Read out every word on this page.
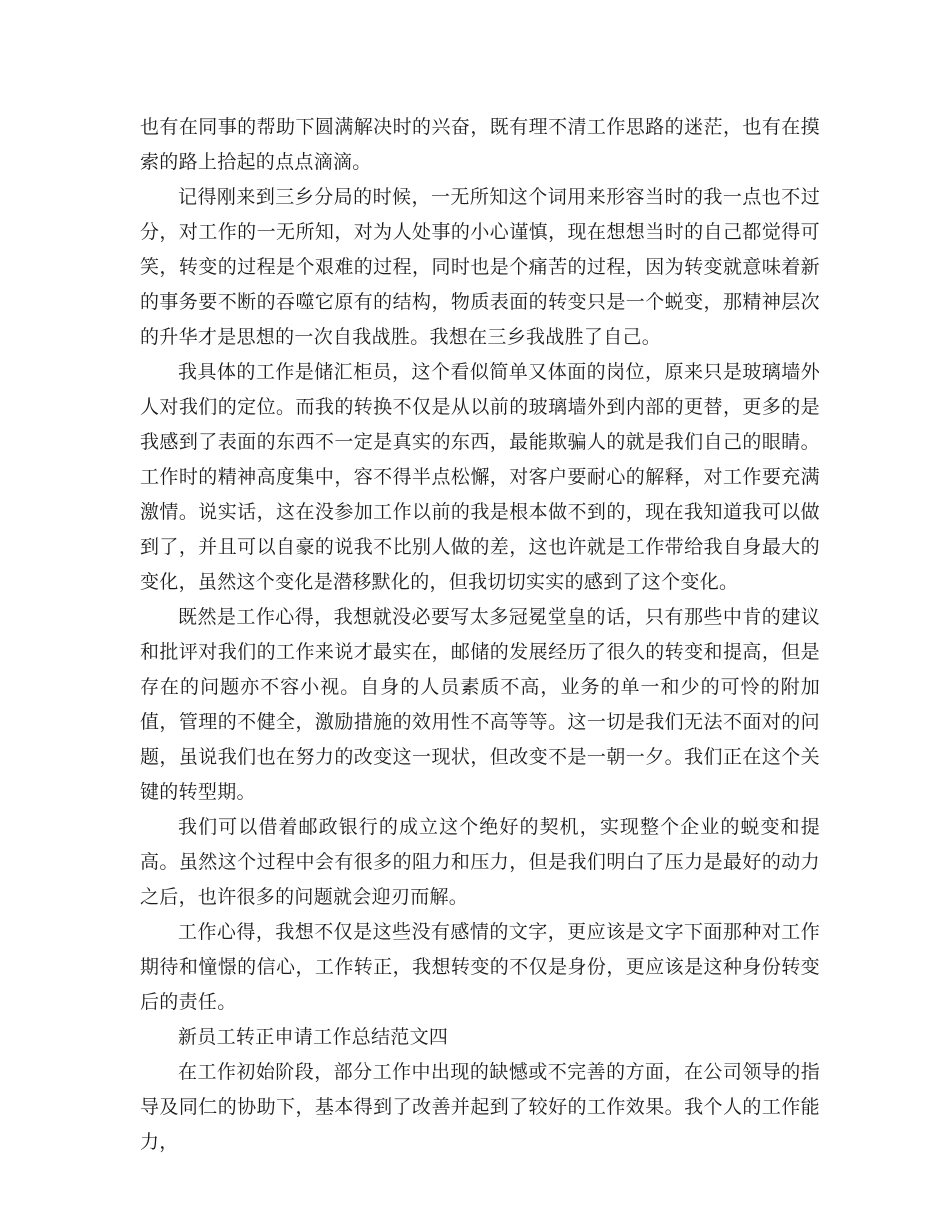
也有在同事的帮助下圆满解决时的兴奋，既有理不清工作思路的迷茫，也有在摸索的路上拾起的点点滴滴。

记得刚来到三乡分局的时候，一无所知这个词用来形容当时的我一点也不过分，对工作的一无所知，对为人处事的小心谨慎，现在想想当时的自己都觉得可笑，转变的过程是个艰难的过程，同时也是个痛苦的过程，因为转变就意味着新的事务要不断的吞噬它原有的结构，物质表面的转变只是一个蜕变，那精神层次的升华才是思想的一次自我战胜。我想在三乡我战胜了自己。

我具体的工作是储汇柜员，这个看似简单又体面的岗位，原来只是玻璃墙外人对我们的定位。而我的转换不仅是从以前的玻璃墙外到内部的更替，更多的是我感到了表面的东西不一定是真实的东西，最能欺骗人的就是我们自己的眼睛。工作时的精神高度集中，容不得半点松懈，对客户要耐心的解释，对工作要充满激情。说实话，这在没参加工作以前的我是根本做不到的，现在我知道我可以做到了，并且可以自豪的说我不比别人做的差，这也许就是工作带给我自身最大的变化，虽然这个变化是潜移默化的，但我切切实实的感到了这个变化。

既然是工作心得，我想就没必要写太多冠冕堂皇的话，只有那些中肯的建议和批评对我们的工作来说才最实在，邮储的发展经历了很久的转变和提高，但是存在的问题亦不容小视。自身的人员素质不高，业务的单一和少的可怜的附加值，管理的不健全，激励措施的效用性不高等等。这一切是我们无法不面对的问题，虽说我们也在努力的改变这一现状，但改变不是一朝一夕。我们正在这个关键的转型期。

我们可以借着邮政银行的成立这个绝好的契机，实现整个企业的蜕变和提高。虽然这个过程中会有很多的阻力和压力，但是我们明白了压力是最好的动力之后，也许很多的问题就会迎刃而解。

工作心得，我想不仅是这些没有感情的文字，更应该是文字下面那种对工作期待和憧憬的信心，工作转正，我想转变的不仅是身份，更应该是这种身份转变后的责任。

新员工转正申请工作总结范文四

在工作初始阶段，部分工作中出现的缺憾或不完善的方面，在公司领导的指导及同仁的协助下，基本得到了改善并起到了较好的工作效果。我个人的工作能力，
